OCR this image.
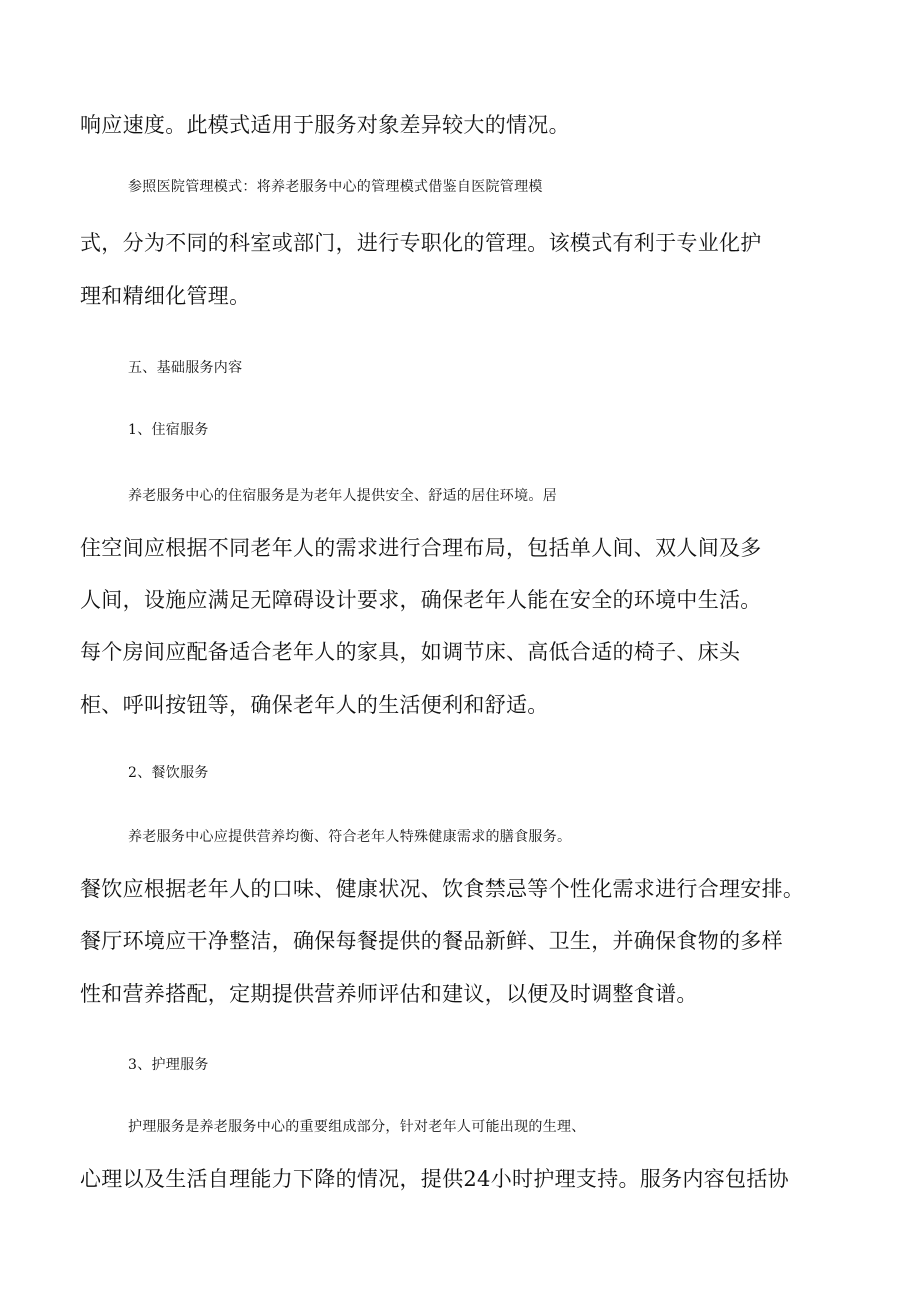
响应速度。此模式适用于服务对象差异较大的情况。
参照医院管理模式：将养老服务中心的管理模式借鉴自医院管理模
式，分为不同的科室或部门，进行专职化的管理。该模式有利于专业化护
理和精细化管理。
五、基础服务内容
1、住宿服务
养老服务中心的住宿服务是为老年人提供安全、舒适的居住环境。居
住空间应根据不同老年人的需求进行合理布局，包括单人间、双人间及多
人间，设施应满足无障碍设计要求，确保老年人能在安全的环境中生活。
每个房间应配备适合老年人的家具，如调节床、高低合适的椅子、床头
柜、呼叫按钮等，确保老年人的生活便利和舒适。
2、餐饮服务
养老服务中心应提供营养均衡、符合老年人特殊健康需求的膳食服务。
餐饮应根据老年人的口味、健康状况、饮食禁忌等个性化需求进行合理安排。
餐厅环境应干净整洁，确保每餐提供的餐品新鲜、卫生，并确保食物的多样
性和营养搭配，定期提供营养师评估和建议，以便及时调整食谱。
3、护理服务
护理服务是养老服务中心的重要组成部分，针对老年人可能出现的生理、
心理以及生活自理能力下降的情况，提供24小时护理支持。服务内容包括协
